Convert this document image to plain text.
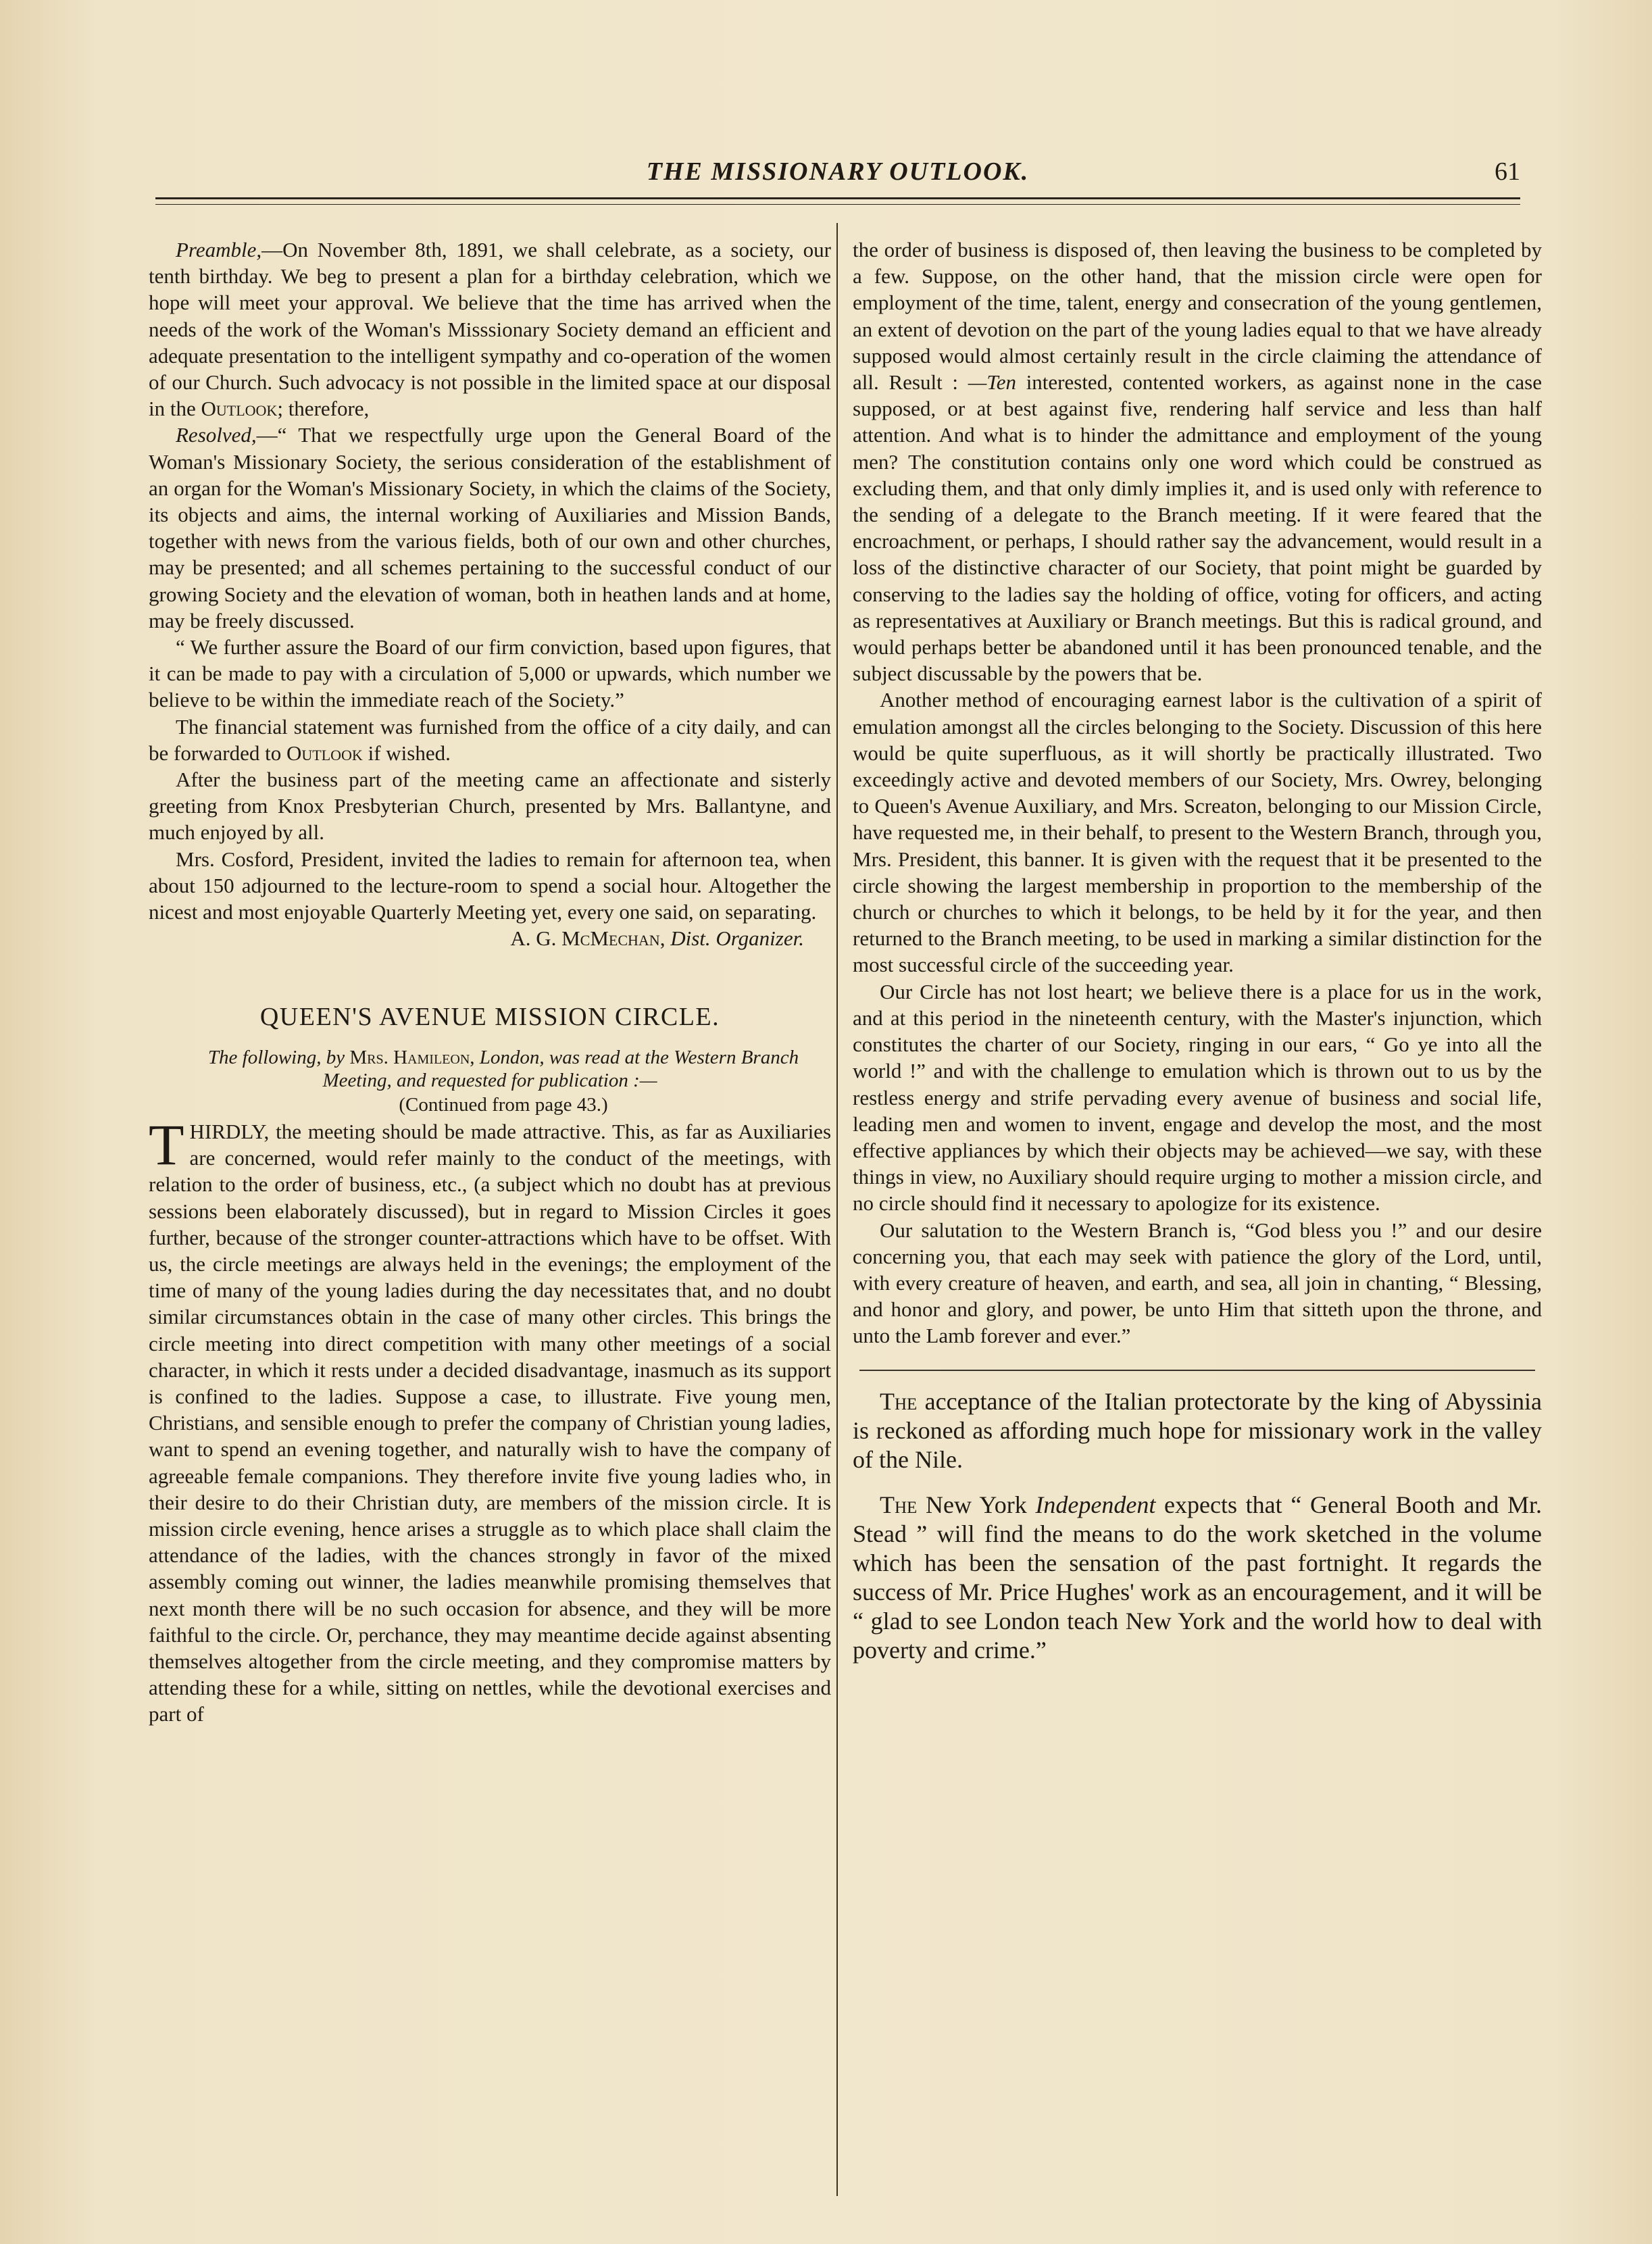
THE MISSIONARY OUTLOOK.	61

Preamble,—On November 8th, 1891, we shall celebrate, as a society, our tenth birthday. We beg to present a plan for a birthday celebration, which we hope will meet your approval. We believe that the time has arrived when the needs of the work of the Woman's Misssionary Society demand an efficient and adequate presentation to the intelligent sympathy and co-operation of the women of our Church. Such advocacy is not possible in the limited space at our disposal in the Outlook; therefore,

Resolved,—“ That we respectfully urge upon the General Board of the Woman's Missionary Society, the serious consideration of the establishment of an organ for the Woman's Missionary Society, in which the claims of the Society, its objects and aims, the internal working of Auxiliaries and Mission Bands, together with news from the various fields, both of our own and other churches, may be presented; and all schemes pertaining to the successful conduct of our growing Society and the elevation of woman, both in heathen lands and at home, may be freely discussed.

“ We further assure the Board of our firm conviction, based upon figures, that it can be made to pay with a circulation of 5,000 or upwards, which number we believe to be within the immediate reach of the Society.”

The financial statement was furnished from the office of a city daily, and can be forwarded to Outlook if wished.

After the business part of the meeting came an affectionate and sisterly greeting from Knox Presbyterian Church, presented by Mrs. Ballantyne, and much enjoyed by all.

Mrs. Cosford, President, invited the ladies to remain for afternoon tea, when about 150 adjourned to the lecture-room to spend a social hour. Altogether the nicest and most enjoyable Quarterly Meeting yet, every one said, on separating.

A. G. McMechan, Dist. Organizer.

QUEEN'S AVENUE MISSION CIRCLE.

The following, by Mrs. Hamileon, London, was read at the Western Branch Meeting, and requested for publication :—

(Continued from page 43.)

THIRDLY, the meeting should be made attractive. This, as far as Auxiliaries are concerned, would refer mainly to the conduct of the meetings, with relation to the order of business, etc., (a subject which no doubt has at previous sessions been elaborately discussed), but in regard to Mission Circles it goes further, because of the stronger counter-attractions which have to be offset. With us, the circle meetings are always held in the evenings; the employment of the time of many of the young ladies during the day necessitates that, and no doubt similar circumstances obtain in the case of many other circles. This brings the circle meeting into direct competition with many other meetings of a social character, in which it rests under a decided disadvantage, inasmuch as its support is confined to the ladies. Suppose a case, to illustrate. Five young men, Christians, and sensible enough to prefer the company of Christian young ladies, want to spend an evening together, and naturally wish to have the company of agreeable female companions. They therefore invite five young ladies who, in their desire to do their Christian duty, are members of the mission circle. It is mission circle evening, hence arises a struggle as to which place shall claim the attendance of the ladies, with the chances strongly in favor of the mixed assembly coming out winner, the ladies meanwhile promising themselves that next month there will be no such occasion for absence, and they will be more faithful to the circle. Or, perchance, they may meantime decide against absenting themselves altogether from the circle meeting, and they compromise matters by attending these for a while, sitting on nettles, while the devotional exercises and part of

the order of business is disposed of, then leaving the business to be completed by a few. Suppose, on the other hand, that the mission circle were open for employment of the time, talent, energy and consecration of the young gentlemen, an extent of devotion on the part of the young ladies equal to that we have already supposed would almost certainly result in the circle claiming the attendance of all. Result : —Ten interested, contented workers, as against none in the case supposed, or at best against five, rendering half service and less than half attention. And what is to hinder the admittance and employment of the young men? The constitution contains only one word which could be construed as excluding them, and that only dimly implies it, and is used only with reference to the sending of a delegate to the Branch meeting. If it were feared that the encroachment, or perhaps, I should rather say the advancement, would result in a loss of the distinctive character of our Society, that point might be guarded by conserving to the ladies say the holding of office, voting for officers, and acting as representatives at Auxiliary or Branch meetings. But this is radical ground, and would perhaps better be abandoned until it has been pronounced tenable, and the subject discussable by the powers that be.

Another method of encouraging earnest labor is the cultivation of a spirit of emulation amongst all the circles belonging to the Society. Discussion of this here would be quite superfluous, as it will shortly be practically illustrated. Two exceedingly active and devoted members of our Society, Mrs. Owrey, belonging to Queen's Avenue Auxiliary, and Mrs. Screaton, belonging to our Mission Circle, have requested me, in their behalf, to present to the Western Branch, through you, Mrs. President, this banner. It is given with the request that it be presented to the circle showing the largest membership in proportion to the membership of the church or churches to which it belongs, to be held by it for the year, and then returned to the Branch meeting, to be used in marking a similar distinction for the most successful circle of the succeeding year.

Our Circle has not lost heart; we believe there is a place for us in the work, and at this period in the nineteenth century, with the Master's injunction, which constitutes the charter of our Society, ringing in our ears, “ Go ye into all the world !” and with the challenge to emulation which is thrown out to us by the restless energy and strife pervading every avenue of business and social life, leading men and women to invent, engage and develop the most, and the most effective appliances by which their objects may be achieved—we say, with these things in view, no Auxiliary should require urging to mother a mission circle, and no circle should find it necessary to apologize for its existence.

Our salutation to the Western Branch is, “God bless you !” and our desire concerning you, that each may seek with patience the glory of the Lord, until, with every creature of heaven, and earth, and sea, all join in chanting, “ Blessing, and honor and glory, and power, be unto Him that sitteth upon the throne, and unto the Lamb forever and ever.”

The acceptance of the Italian protectorate by the king of Abyssinia is reckoned as affording much hope for missionary work in the valley of the Nile.

The New York Independent expects that “ General Booth and Mr. Stead ” will find the means to do the work sketched in the volume which has been the sensation of the past fortnight. It regards the success of Mr. Price Hughes' work as an encouragement, and it will be “ glad to see London teach New York and the world how to deal with poverty and crime.”
